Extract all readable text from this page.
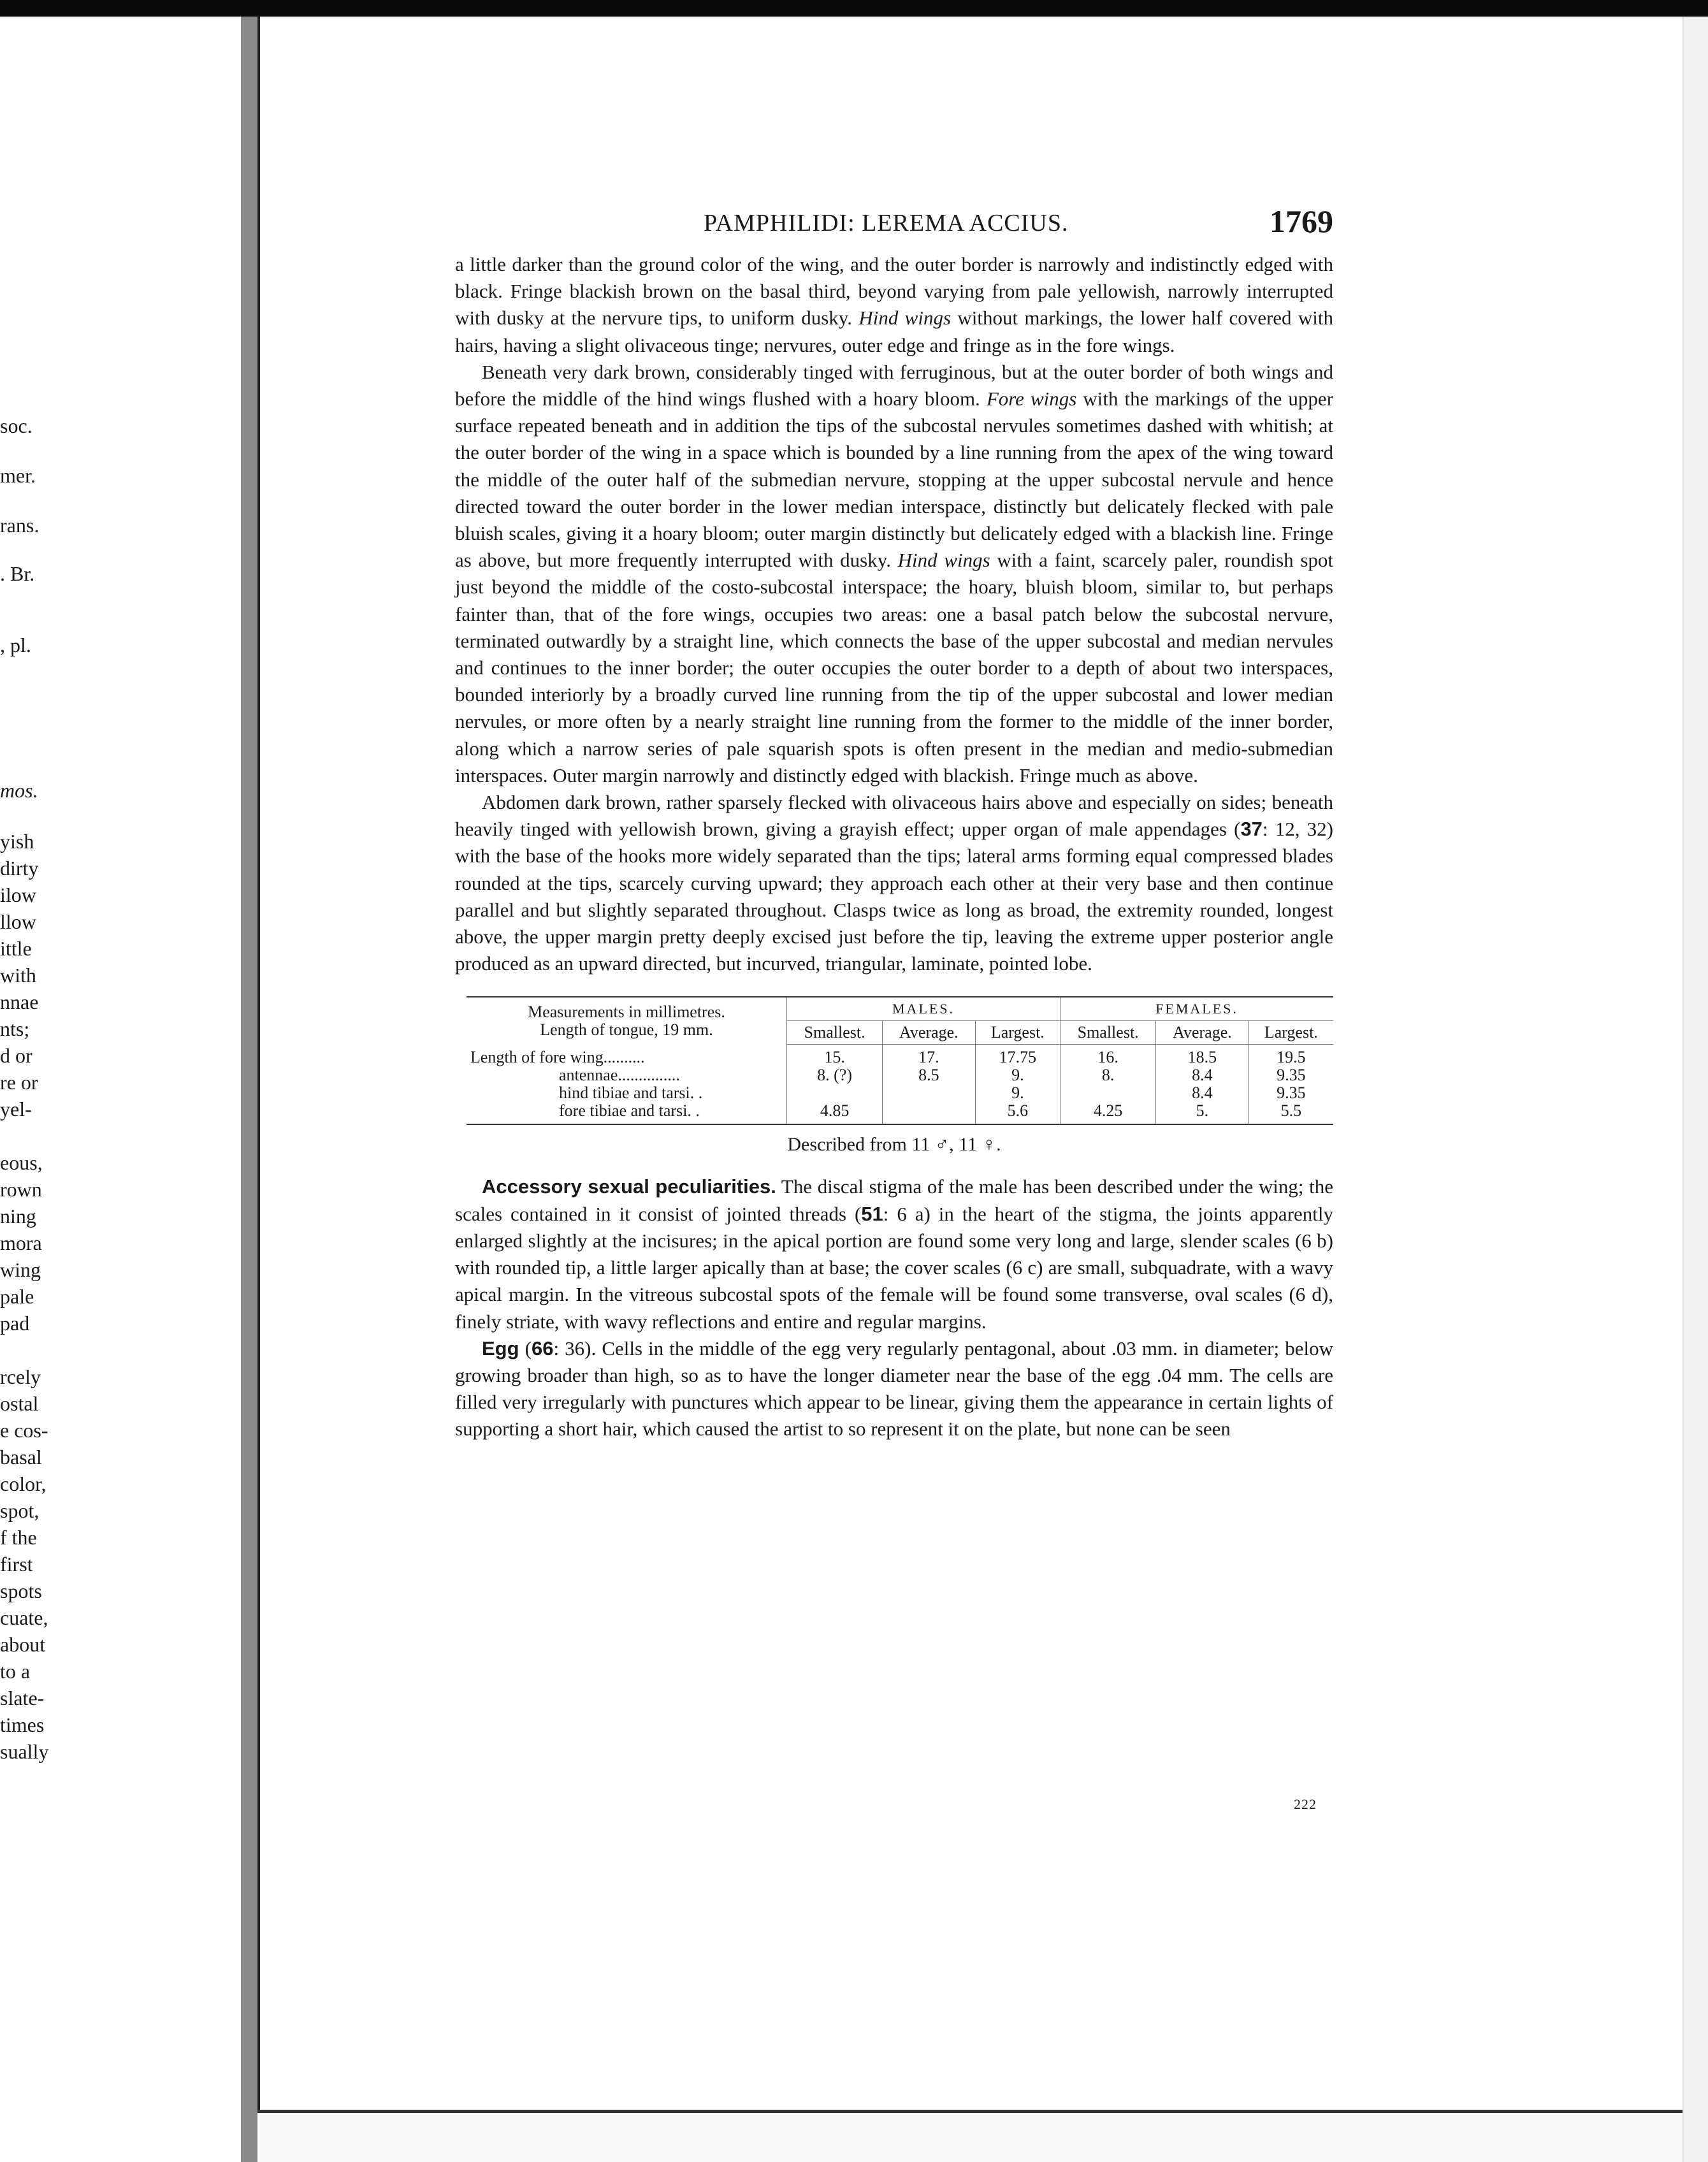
soc.
mer.
rans.
. Br.
, pl.
mos.
yish
dirty
ilow
llow
ittle
with
nnae
nts;
d or
re or
yel-
eous,
rown
ning
mora
wing
pale
pad
rcely
ostal
e cos-
basal
color,
spot,
f the
first
spots
cuate,
about
to a
slate-
times
sually
PAMPHILIDI: LEREMA ACCIUS.	1769

a little darker than the ground color of the wing, and the outer border is narrowly and indistinctly edged with black. Fringe blackish brown on the basal third, beyond varying from pale yellowish, narrowly interrupted with dusky at the nervure tips, to uniform dusky. Hind wings without markings, the lower half covered with hairs, having a slight olivaceous tinge; nervures, outer edge and fringe as in the fore wings.

Beneath very dark brown, considerably tinged with ferruginous, but at the outer border of both wings and before the middle of the hind wings flushed with a hoary bloom. Fore wings with the markings of the upper surface repeated beneath and in addition the tips of the subcostal nervules sometimes dashed with whitish; at the outer border of the wing in a space which is bounded by a line running from the apex of the wing toward the middle of the outer half of the submedian nervure, stopping at the upper subcostal nervule and hence directed toward the outer border in the lower median interspace, distinctly but delicately flecked with pale bluish scales, giving it a hoary bloom; outer margin distinctly but delicately edged with a blackish line. Fringe as above, but more frequently interrupted with dusky. Hind wings with a faint, scarcely paler, roundish spot just beyond the middle of the costo-subcostal interspace; the hoary, bluish bloom, similar to, but perhaps fainter than, that of the fore wings, occupies two areas: one a basal patch below the subcostal nervure, terminated outwardly by a straight line, which connects the base of the upper subcostal and median nervules and continues to the inner border; the outer occupies the outer border to a depth of about two interspaces, bounded interiorly by a broadly curved line running from the tip of the upper subcostal and lower median nervules, or more often by a nearly straight line running from the former to the middle of the inner border, along which a narrow series of pale squarish spots is often present in the median and medio-submedian interspaces. Outer margin narrowly and distinctly edged with blackish. Fringe much as above.

Abdomen dark brown, rather sparsely flecked with olivaceous hairs above and especially on sides; beneath heavily tinged with yellowish brown, giving a grayish effect; upper organ of male appendages (37: 12, 32) with the base of the hooks more widely separated than the tips; lateral arms forming equal compressed blades rounded at the tips, scarcely curving upward; they approach each other at their very base and then continue parallel and but slightly separated throughout. Clasps twice as long as broad, the extremity rounded, longest above, the upper margin pretty deeply excised just before the tip, leaving the extreme upper posterior angle produced as an upward directed, but incurved, triangular, laminate, pointed lobe.

Measurements in millimetres.
Length of tongue, 19 mm.	MALES.			FEMALES.		
	Smallest.	Average.	Largest.	Smallest.	Average.	Largest.
Length of fore wing..........	15.	17.	17.75	16.	18.5	19.5
antennae...............	8. (?)	8.5	9.	8.	8.4	9.35
hind tibiae and tarsi. .			9.		8.4	9.35
fore tibiae and tarsi. .	4.85		5.6	4.25	5.	5.5
Described from 11 ♂, 11 ♀.

Accessory sexual peculiarities. The discal stigma of the male has been described under the wing; the scales contained in it consist of jointed threads (51: 6 a) in the heart of the stigma, the joints apparently enlarged slightly at the incisures; in the apical portion are found some very long and large, slender scales (6 b) with rounded tip, a little larger apically than at base; the cover scales (6 c) are small, subquadrate, with a wavy apical margin. In the vitreous subcostal spots of the female will be found some transverse, oval scales (6 d), finely striate, with wavy reflections and entire and regular margins.

Egg (66: 36). Cells in the middle of the egg very regularly pentagonal, about .03 mm. in diameter; below growing broader than high, so as to have the longer diameter near the base of the egg .04 mm. The cells are filled very irregularly with punctures which appear to be linear, giving them the appearance in certain lights of supporting a short hair, which caused the artist to so represent it on the plate, but none can be seen

222
